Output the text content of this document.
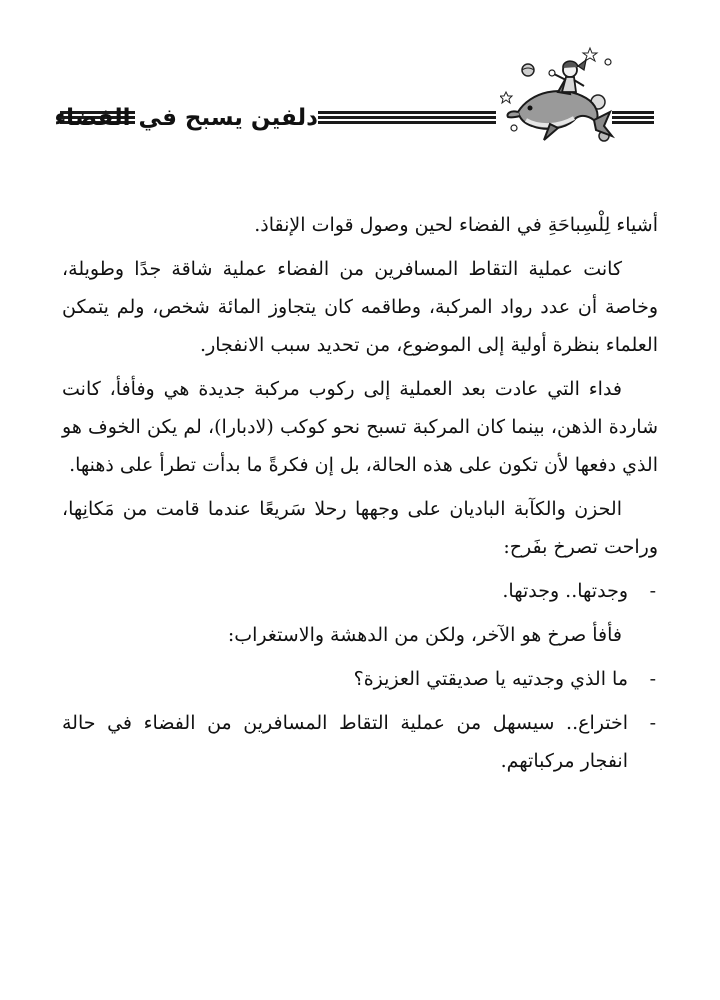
دلفين يسبح في الفضاء

أشياء لِلْسِباحَةِ في الفضاء لحين وصول قوات الإنقاذ.

كانت عملية التقاط المسافرين من الفضاء عملية شاقة جدًا وطويلة، وخاصة أن عدد رواد المركبة، وطاقمه كان يتجاوز المائة شخص، ولم يتمكن العلماء بنظرة أولية إلى الموضوع، من تحديد سبب الانفجار.

فداء التي عادت بعد العملية إلى ركوب مركبة جديدة هي وفأفأ، كانت شاردة الذهن، بينما كان المركبة تسبح نحو كوكب (لادبارا)، لم يكن الخوف هو الذي دفعها لأن تكون على هذه الحالة، بل إن فكرةً ما بدأت تطرأ على ذهنها.

الحزن والكآبة الباديان على وجهها رحلا سَريعًا عندما قامت من مَكانِها، وراحت تصرخ بفَرح:

-
وجدتها.. وجدتها.

فأفأ صرخ هو الآخر، ولكن من الدهشة والاستغراب:

-
ما الذي وجدتيه يا صديقتي العزيزة؟

-
اختراع.. سيسهل من عملية التقاط المسافرين من الفضاء في حالة انفجار مركباتهم.
